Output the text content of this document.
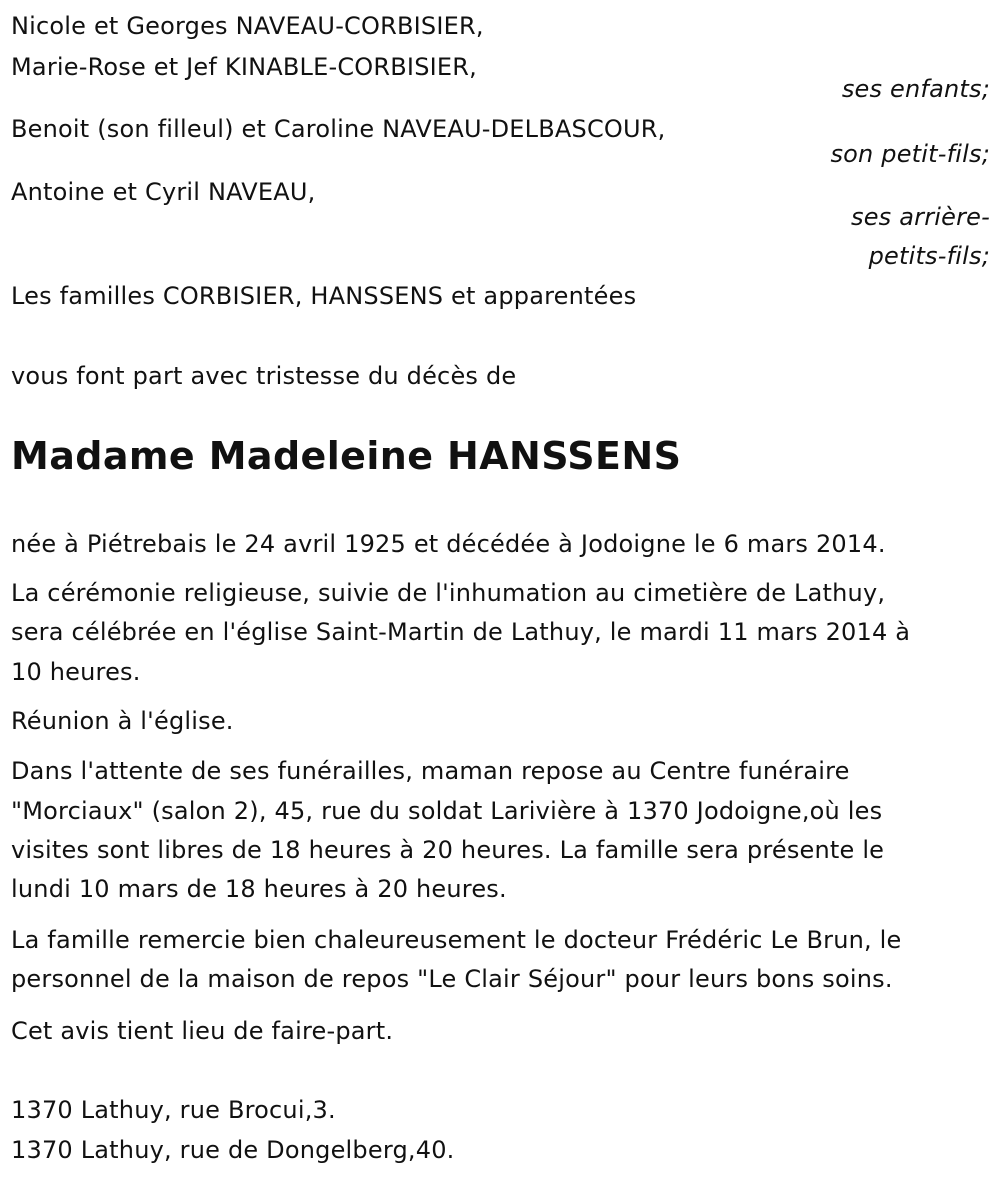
Nicole et Georges NAVEAU-CORBISIER,
Marie-Rose et Jef KINABLE-CORBISIER,
ses enfants;
Benoit (son filleul) et Caroline NAVEAU-DELBASCOUR,
son petit-fils;
Antoine et Cyril NAVEAU,
ses arrière-
petits-fils;
Les familles CORBISIER, HANSSENS et apparentées
vous font part avec tristesse du décès de
Madame Madeleine HANSSENS
née à Piétrebais le 24 avril 1925 et décédée à Jodoigne le 6 mars 2014.
La cérémonie religieuse, suivie de l'inhumation au cimetière de Lathuy,
sera célébrée en l'église Saint-Martin de Lathuy, le mardi 11 mars 2014 à
10 heures.
Réunion à l'église.
Dans l'attente de ses funérailles, maman repose au Centre funéraire
"Morciaux" (salon 2), 45, rue du soldat Larivière à 1370 Jodoigne,où les
visites sont libres de 18 heures à 20 heures. La famille sera présente le
lundi 10 mars de 18 heures à 20 heures.
La famille remercie bien chaleureusement le docteur Frédéric Le Brun, le
personnel de la maison de repos "Le Clair Séjour" pour leurs bons soins.
Cet avis tient lieu de faire-part.
1370 Lathuy, rue Brocui,3.
1370 Lathuy, rue de Dongelberg,40.
